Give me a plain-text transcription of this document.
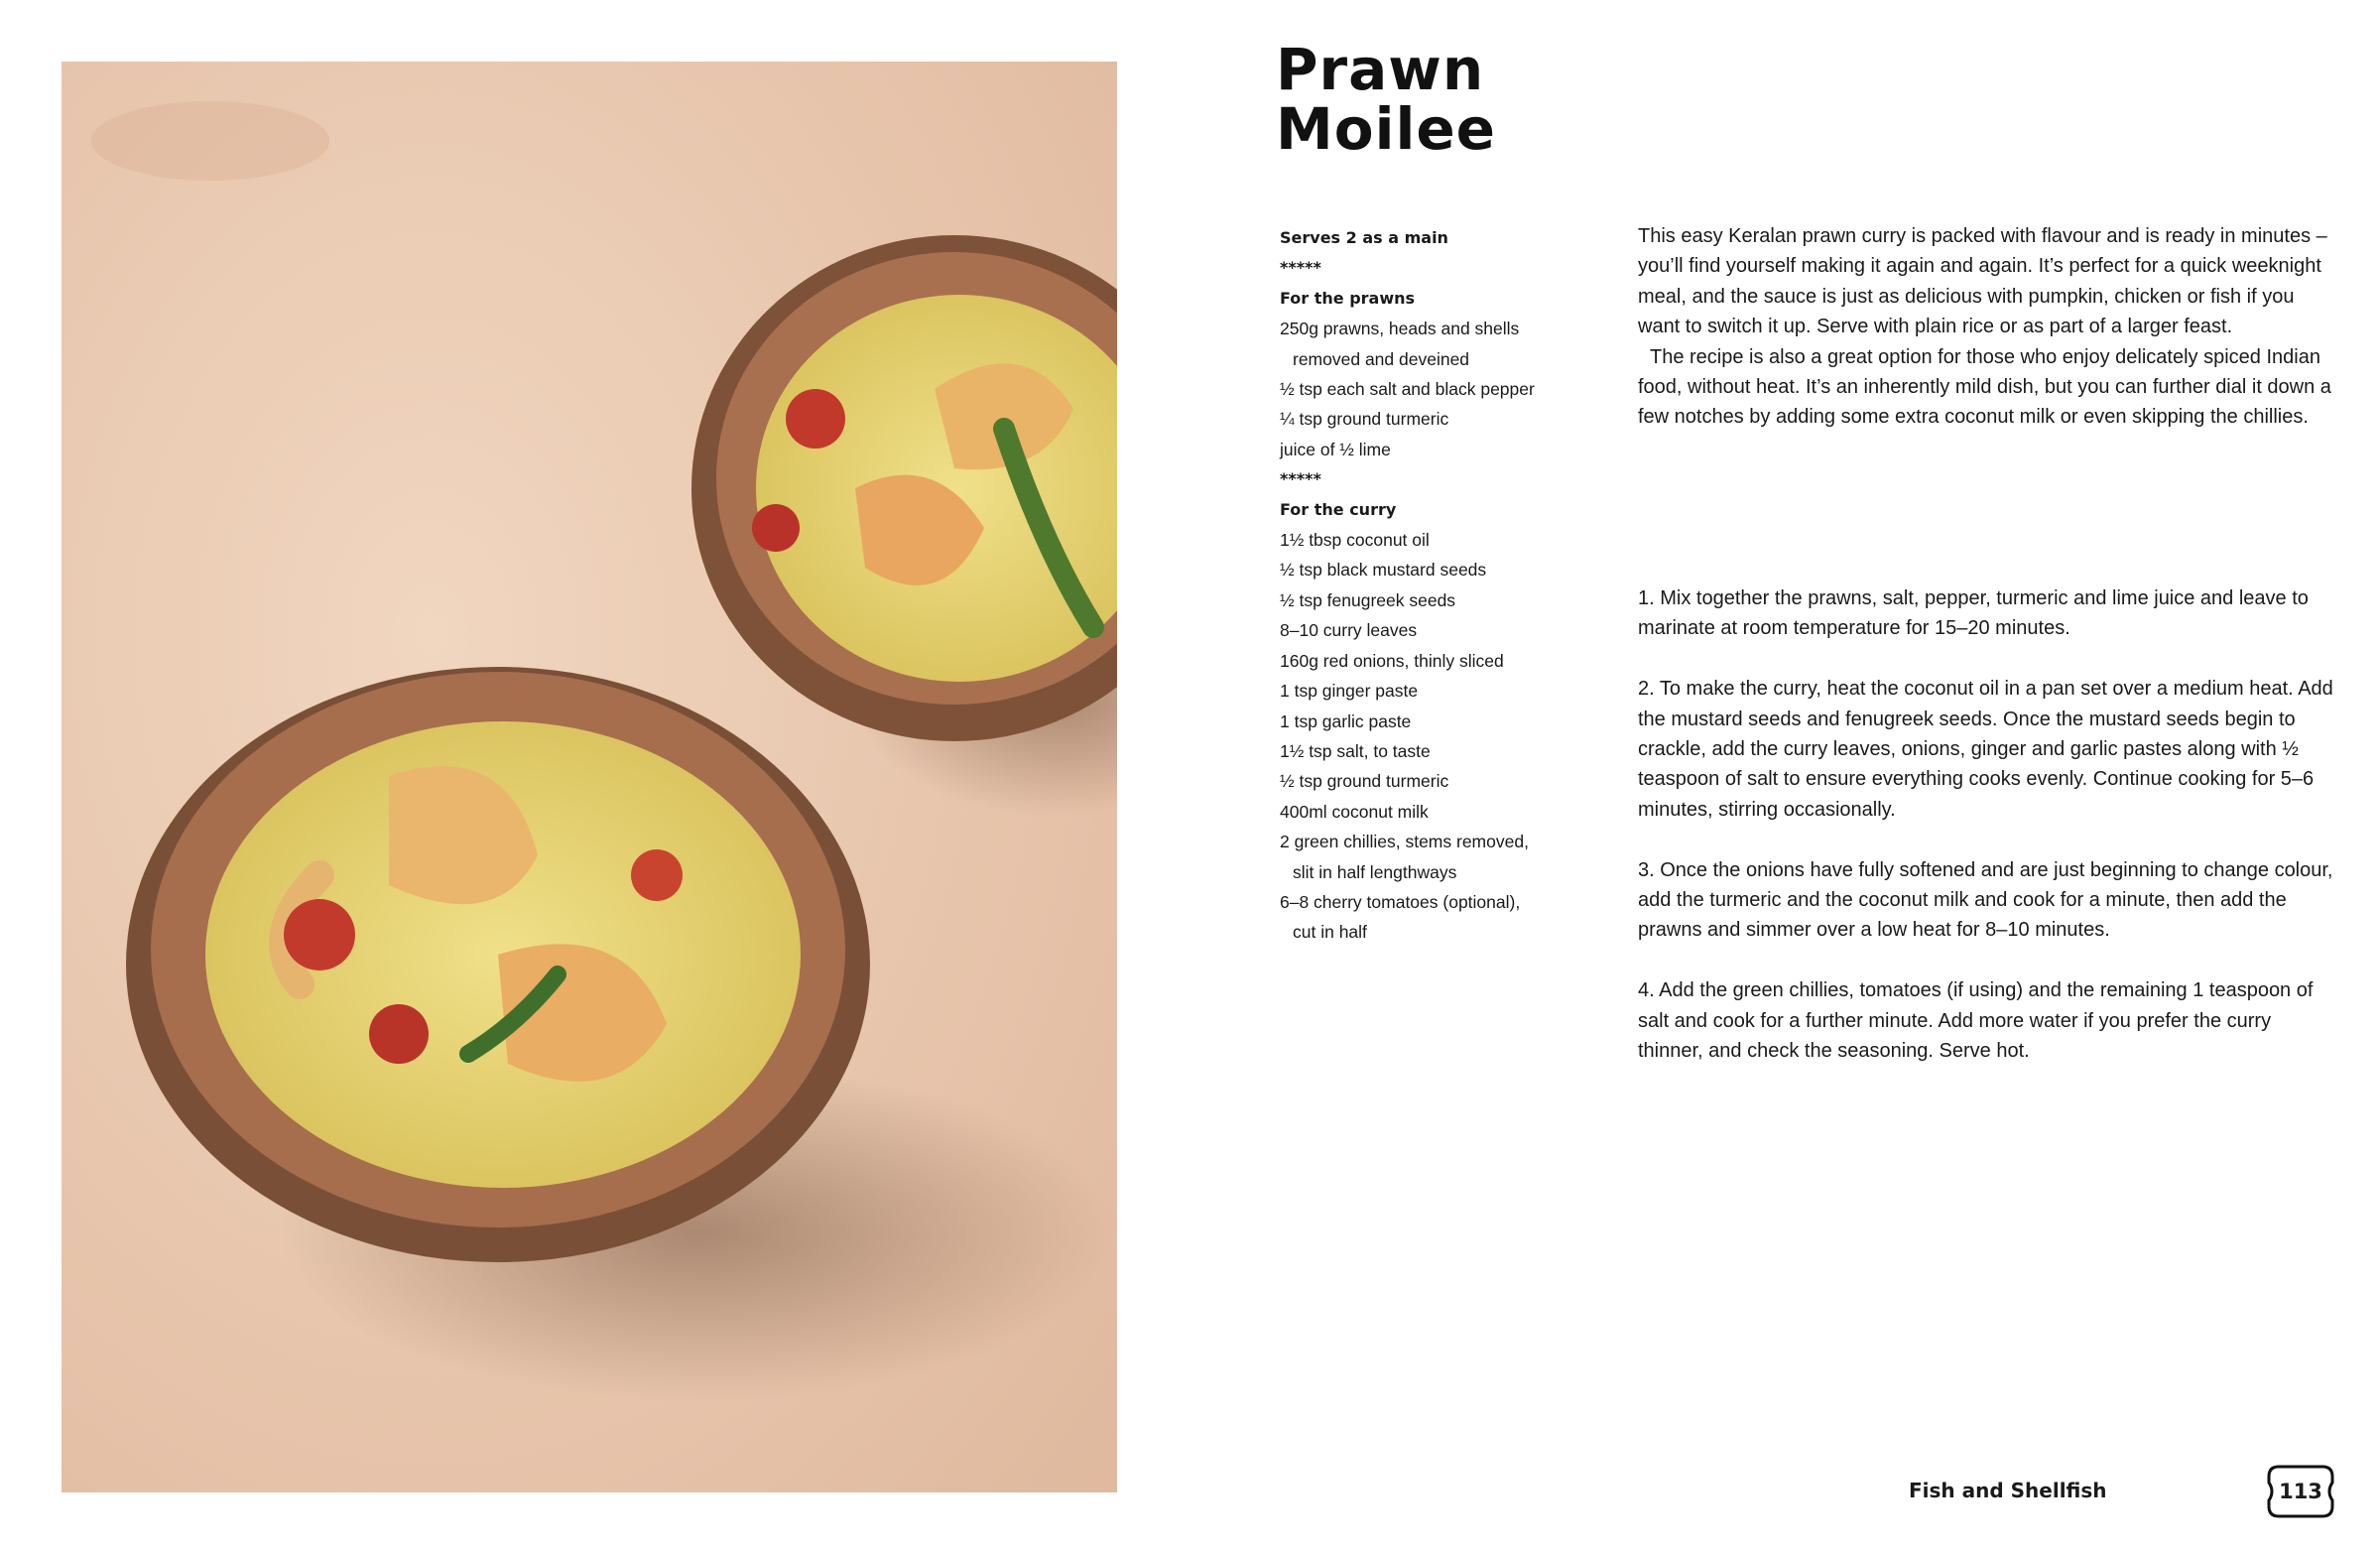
Prawn
Moilee
Serves 2 as a main
*****
For the prawns
250g prawns, heads and shells
removed and deveined
½ tsp each salt and black pepper
¼ tsp ground turmeric
juice of ½ lime
*****
For the curry
1½ tbsp coconut oil
½ tsp black mustard seeds
½ tsp fenugreek seeds
8–10 curry leaves
160g red onions, thinly sliced
1 tsp ginger paste
1 tsp garlic paste
1½ tsp salt, to taste
½ tsp ground turmeric
400ml coconut milk
2 green chillies, stems removed,
slit in half lengthways
6–8 cherry tomatoes (optional),
cut in half

This easy Keralan prawn curry is packed with flavour and is ready in minutes – you’ll find yourself making it again and again. It’s perfect for a quick weeknight meal, and the sauce is just as delicious with pumpkin, chicken or fish if you want to switch it up. Serve with plain rice or as part of a larger feast.

The recipe is also a great option for those who enjoy delicately spiced Indian food, without heat. It’s an inherently mild dish, but you can further dial it down a few notches by adding some extra coconut milk or even skipping the chillies.

1. Mix together the prawns, salt, pepper, turmeric and lime juice and leave to marinate at room temperature for 15–20 minutes.

2. To make the curry, heat the coconut oil in a pan set over a medium heat. Add the mustard seeds and fenugreek seeds. Once the mustard seeds begin to crackle, add the curry leaves, onions, ginger and garlic pastes along with ½ teaspoon of salt to ensure everything cooks evenly. Continue cooking for 5–6 minutes, stirring occasionally.

3. Once the onions have fully softened and are just beginning to change colour, add the turmeric and the coconut milk and cook for a minute, then add the prawns and simmer over a low heat for 8–10 minutes.

4. Add the green chillies, tomatoes (if using) and the remaining 1 teaspoon of salt and cook for a further minute. Add more water if you prefer the curry thinner, and check the seasoning. Serve hot.

Fish and Shellfish	113
